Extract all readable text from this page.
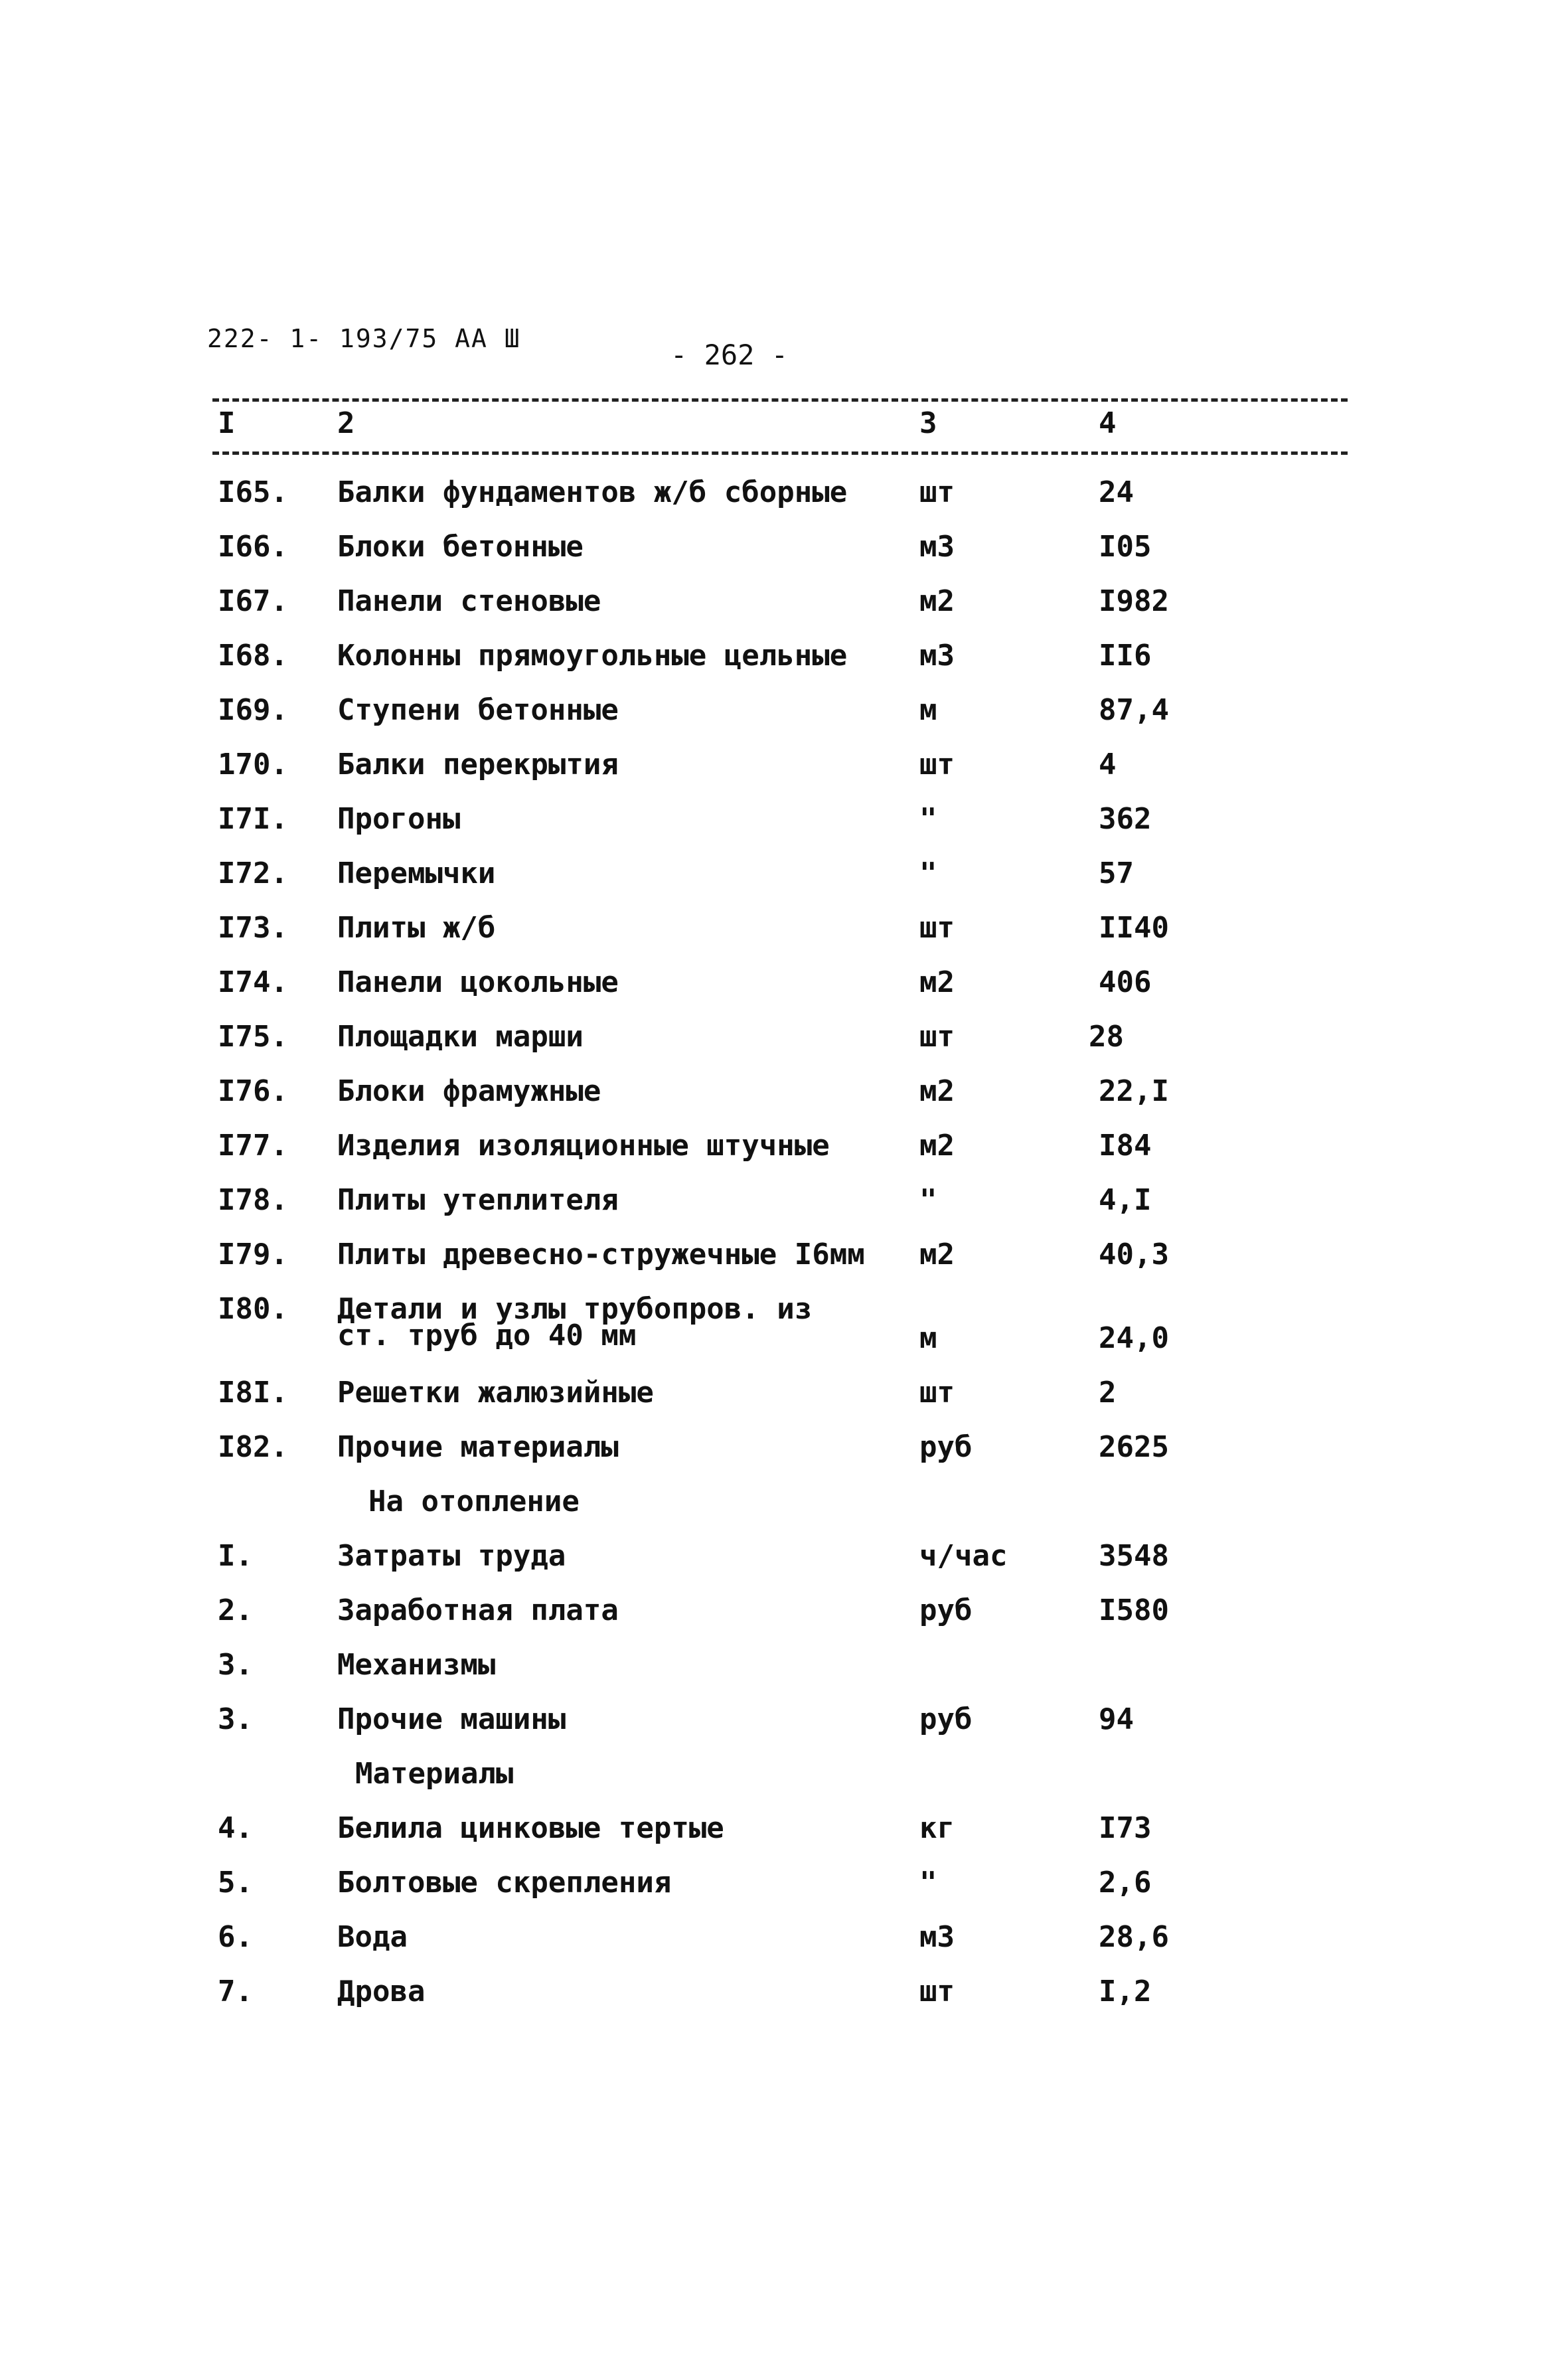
222- 1- 193/75 АА Ш	- 262 -
I	2	3	4
I65. Балки фундаментов ж/б сборные шт	24
I66. Блоки бетонные	м3	I05
I67. Панели стеновые	м2	I982
I68. Колонны прямоугольные цельные м3	II6
I69. Ступени бетонные	м	87,4
170. Балки перекрытия	шт	4
I7I. Прогоны	"	362
I72. Перемычки	"	57
I73. Плиты ж/б	шт	II40
I74. Панели цокольные	м2	406
I75. Площадки марши	шт	28
I76. Блоки фрамужные	м2	22,I
I77. Изделия изоляционные штучные	м2	I84
I78. Плиты утеплителя	"	4,I
I79. Плиты древесно-стружечные I6мм м2	40,3
I80. Детали и узлы трубопров. из
ст. труб до 40 мм	м	24,0
I8I. Решетки жалюзийные	шт	2
I82. Прочие материалы	руб	2625
На отопление
I.	Затраты труда	ч/час	3548
2.	Заработная плата	руб	I580
3.	Механизмы
3.	Прочие машины	руб	94
Материалы
4.	Белила цинковые тертые	кг	I73
5.	Болтовые скрепления	"	2,6
6.	Вода	м3	28,6
7.	Дрова	шт	I,2
